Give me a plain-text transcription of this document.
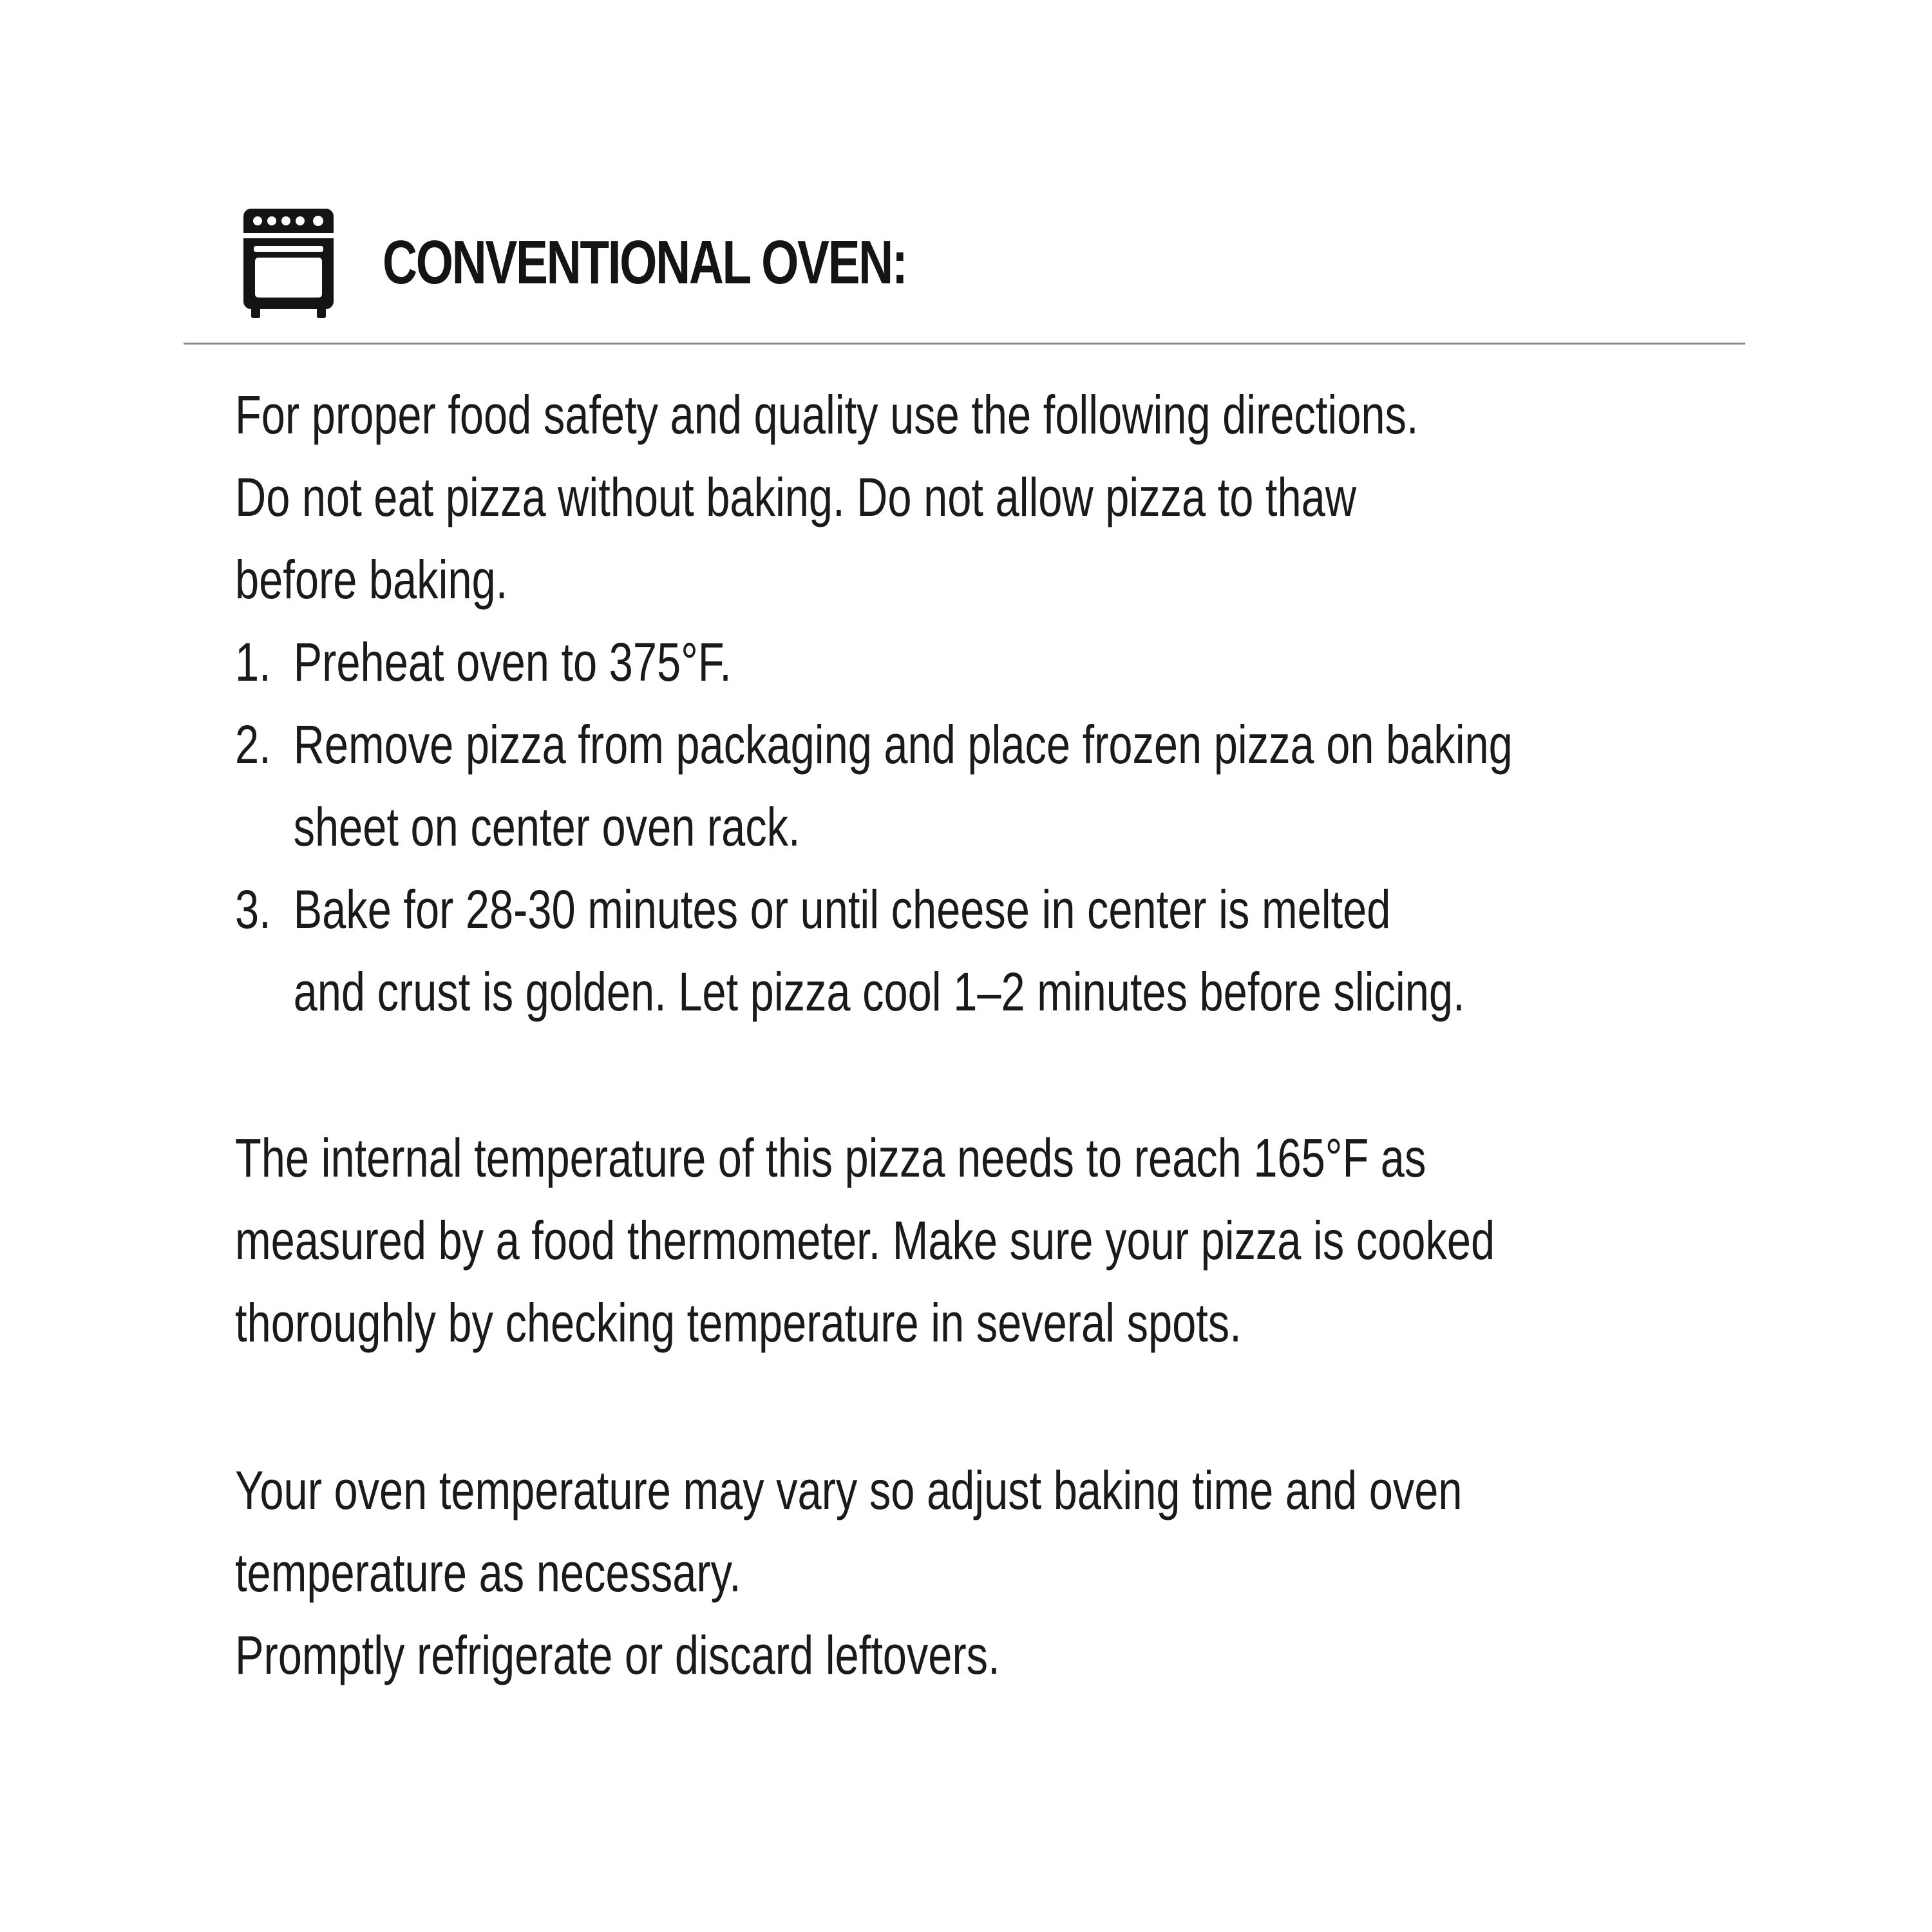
CONVENTIONAL OVEN:
For proper food safety and quality use the following directions.
Do not eat pizza without baking. Do not allow pizza to thaw
before baking.
1. Preheat oven to 375°F.
2. Remove pizza from packaging and place frozen pizza on baking
sheet on center oven rack.
3. Bake for 28-30 minutes or until cheese in center is melted
and crust is golden. Let pizza cool 1–2 minutes before slicing.
The internal temperature of this pizza needs to reach 165°F as
measured by a food thermometer. Make sure your pizza is cooked
thoroughly by checking temperature in several spots.
Your oven temperature may vary so adjust baking time and oven
temperature as necessary.
Promptly refrigerate or discard leftovers.
